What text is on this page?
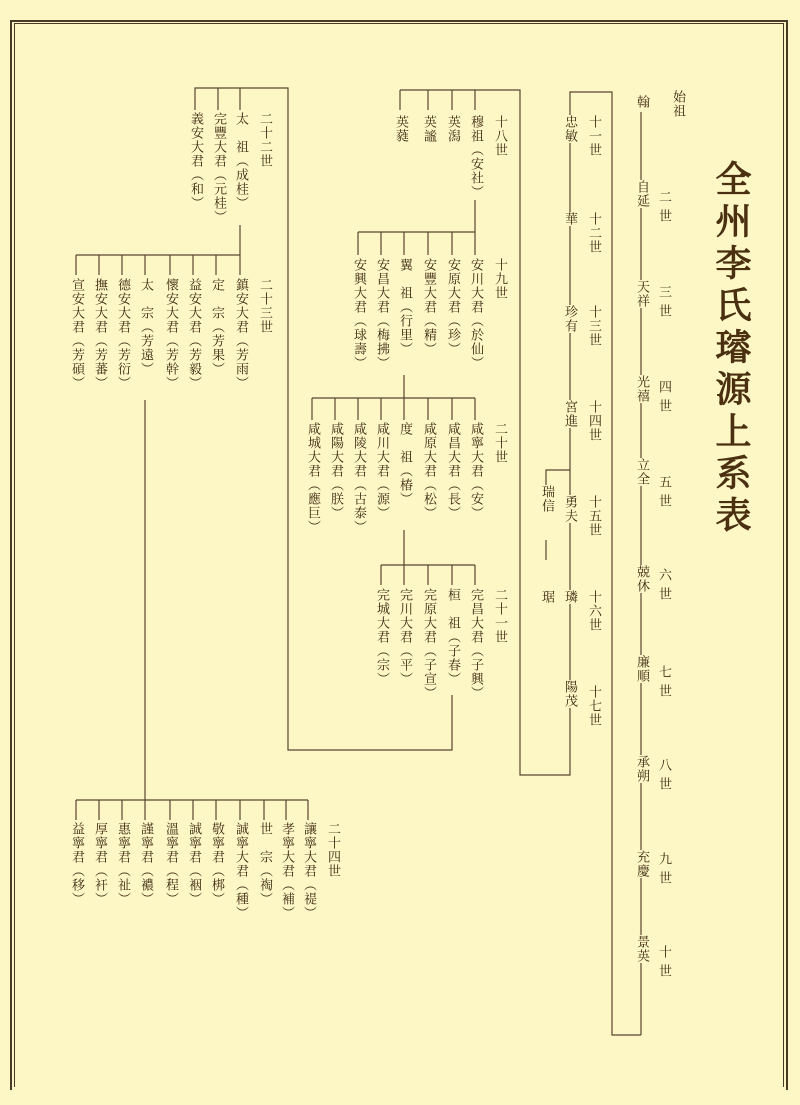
全州李氏璿源上系表
始祖
翰
二世
自延
三世
天祥
四世
光禧
五世
立全
六世
兢休
七世
廉順
八世
承朔
九世
充慶
十世
景英
十一世
忠敏
十二世
華
十三世
珍有
十四世
宮進
十五世
勇夫
瑞信
十六世
璘
琚
十七世
陽茂
十八世
穆祖（安社）
英潟
英謐
英蕤
十九世
安川大君（於仙）
安原大君（珍）
安豐大君（精）
翼　祖（行里）
安昌大君（梅拂）
安興大君（球壽）
二十世
咸寧大君（安）
咸昌大君（長）
咸原大君（松）
度　祖（椿）
咸川大君（源）
咸陵大君（古泰）
咸陽大君（朕）
咸城大君（應巨）
二十一世
完昌大君（子興）
桓　祖（子春）
完原大君（子宣）
完川大君（平）
完城大君（宗）
二十二世
太　祖（成桂）
完豐大君（元桂）
義安大君（和）
二十三世
鎮安大君（芳雨）
定　宗（芳果）
益安大君（芳毅）
懷安大君（芳幹）
太　宗（芳遠）
德安大君（芳衍）
撫安大君（芳蕃）
宣安大君（芳碩）
二十四世
讓寧大君（禔）
孝寧大君（補）
世　宗（祹）
誠寧大君（種）
敬寧君（梆）
誠寧君（裀）
溫寧君（程）
謹寧君（襛）
惠寧君（祉）
厚寧君（衦）
益寧君（移）
